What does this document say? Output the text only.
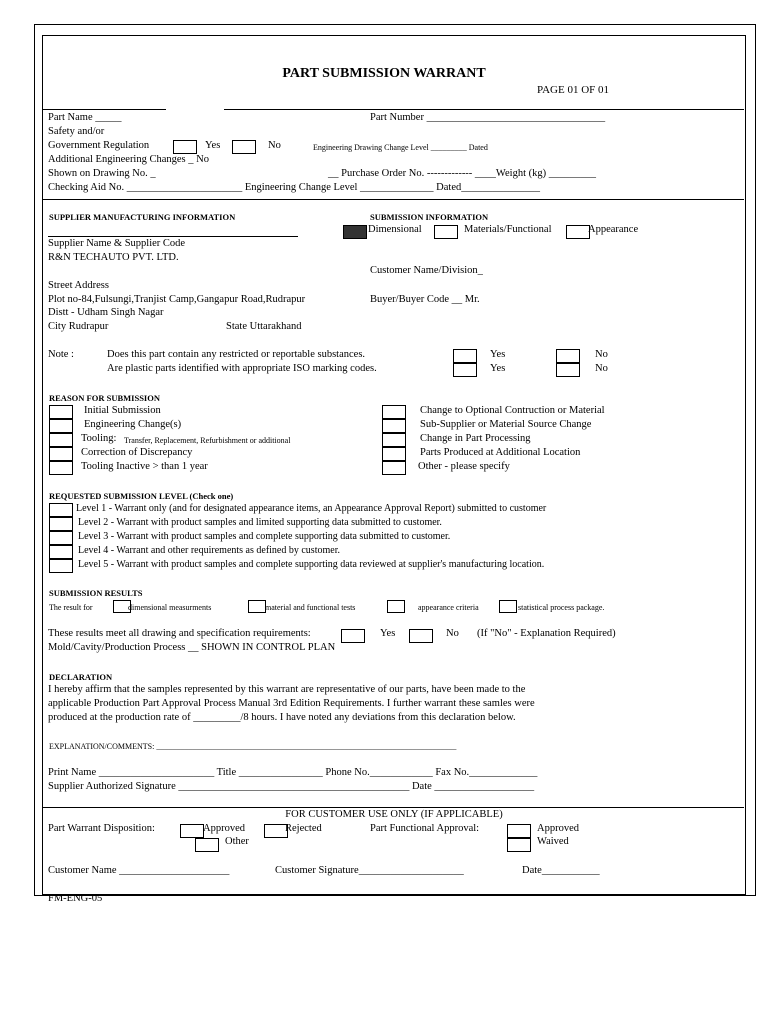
PART SUBMISSION WARRANT
PAGE 01 OF 01
Part Name _____	Part Number __________________________________
Safety and/or
Government Regulation	Yes	No	Engineering Drawing Change Level _________ Dated
Additional Engineering Changes _ No
Shown on Drawing No. _	__ Purchase Order No. ------------- ____Weight (kg) _________
Checking Aid No. ______________________ Engineering Change Level ______________ Dated_______________
SUPPLIER MANUFACTURING INFORMATION	SUBMISSION INFORMATION
Dimensional	Materials/Functional	Appearance
Supplier Name & Supplier Code
R&N TECHAUTO PVT. LTD.
Customer Name/Division_
Street Address
Plot no-84,Fulsungi,Tranjist Camp,Gangapur Road,Rudrapur	Buyer/Buyer Code __ Mr.
Distt - Udham Singh Nagar
City Rudrapur	State Uttarakhand
Note :	Does this part contain any restricted or reportable substances.	Yes	No
Are plastic parts identified with appropriate ISO marking codes.	Yes	No
REASON FOR SUBMISSION
Initial Submission
Engineering Change(s)
Tooling: Transfer, Replacement, Refurbishment or additional
Correction of Discrepancy
Tooling Inactive > than 1 year
Change to Optional Contruction or Material
Sub-Supplier or Material Source Change
Change in Part Processing
Parts Produced at Additional Location
Other - please specify
REQUESTED SUBMISSION LEVEL (Check one)
Level 1 - Warrant only (and for designated appearance items, an Appearance Approval Report) submitted to customer
Level 2 - Warrant with product samples and limited supporting data submitted to customer.
Level 3 - Warrant with product samples and complete supporting data submitted to customer.
Level 4 - Warrant and other requirements as defined by customer.
Level 5 - Warrant with product samples and complete supporting data reviewed at supplier's manufacturing location.
SUBMISSION RESULTS
The result for	dimensional measurments	material and functional tests	appearance criteria	statistical process package.
These results meet all drawing and specification requirements:	Yes	No (If "No" - Explanation Required)
Mold/Cavity/Production Process __ SHOWN IN CONTROL PLAN
DECLARATION
I hereby affirm that the samples represented by this warrant are representative of our parts, have been made to the
applicable Production Part Approval Process Manual 3rd Edition Requirements. I further warrant these samles were
produced at the production rate of _________/8 hours. I have noted any deviations from this declaration below.
EXPLANATION/COMMENTS: ___________________________________________________________________________
Print Name ______________________ Title ________________ Phone No.____________ Fax No._____________
Supplier Authorized Signature ____________________________________________ Date ___________________
FOR CUSTOMER USE ONLY (IF APPLICABLE)
Part Warrant Disposition:	Approved	Rejected
Other
Part Functional Approval:	Approved
Waived
Customer Name _____________________	Customer Signature____________________	Date___________
FM-ENG-05
